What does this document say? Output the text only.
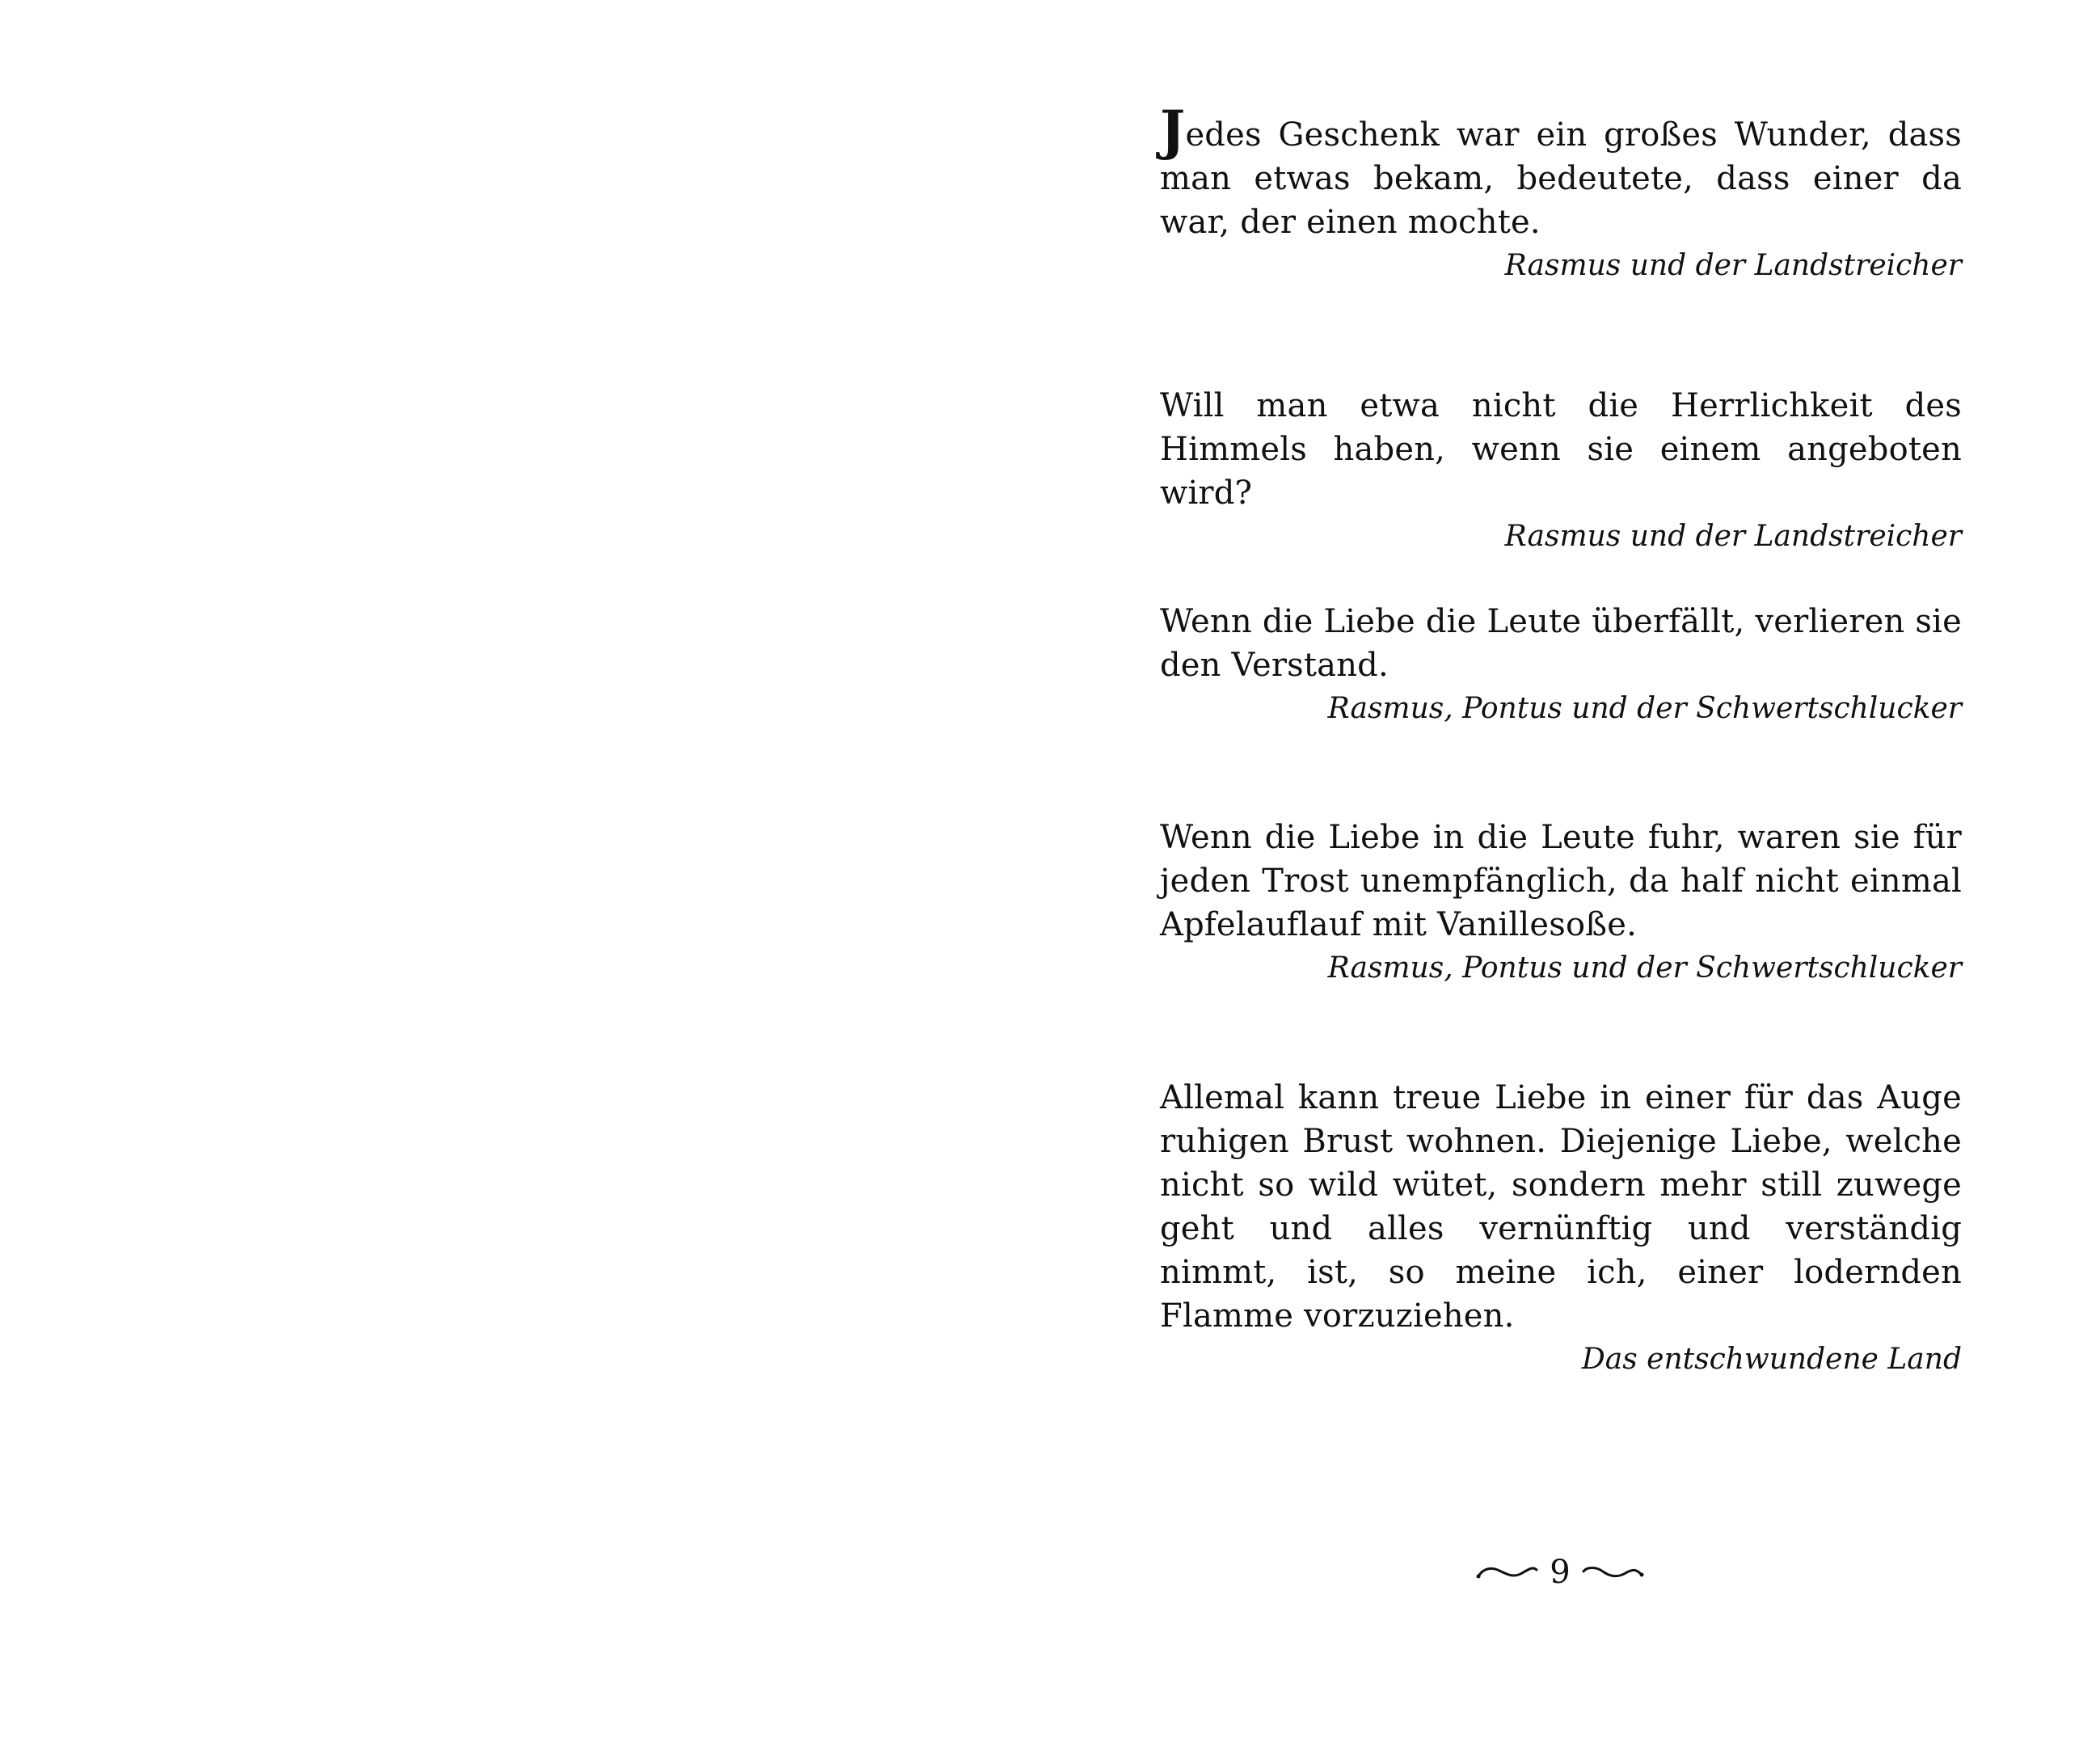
Jedes Geschenk war ein großes Wunder, dass man etwas bekam, bedeutete, dass einer da war, der einen mochte.

Rasmus und der Landstreicher

Will man etwa nicht die Herrlichkeit des Himmels haben, wenn sie einem angeboten wird?

Rasmus und der Landstreicher

Wenn die Liebe die Leute überfällt, verlieren sie den Verstand.

Rasmus, Pontus und der Schwertschlucker

Wenn die Liebe in die Leute fuhr, waren sie für jeden Trost unempfänglich, da half nicht einmal Apfelauflauf mit Vanillesoße.

Rasmus, Pontus und der Schwertschlucker

Allemal kann treue Liebe in einer für das Auge ruhigen Brust wohnen. Diejenige Liebe, welche nicht so wild wütet, sondern mehr still zuwege geht und alles vernünftig und verständig nimmt, ist, so meine ich, einer lodernden Flamme vorzuziehen.

Das entschwundene Land

9
